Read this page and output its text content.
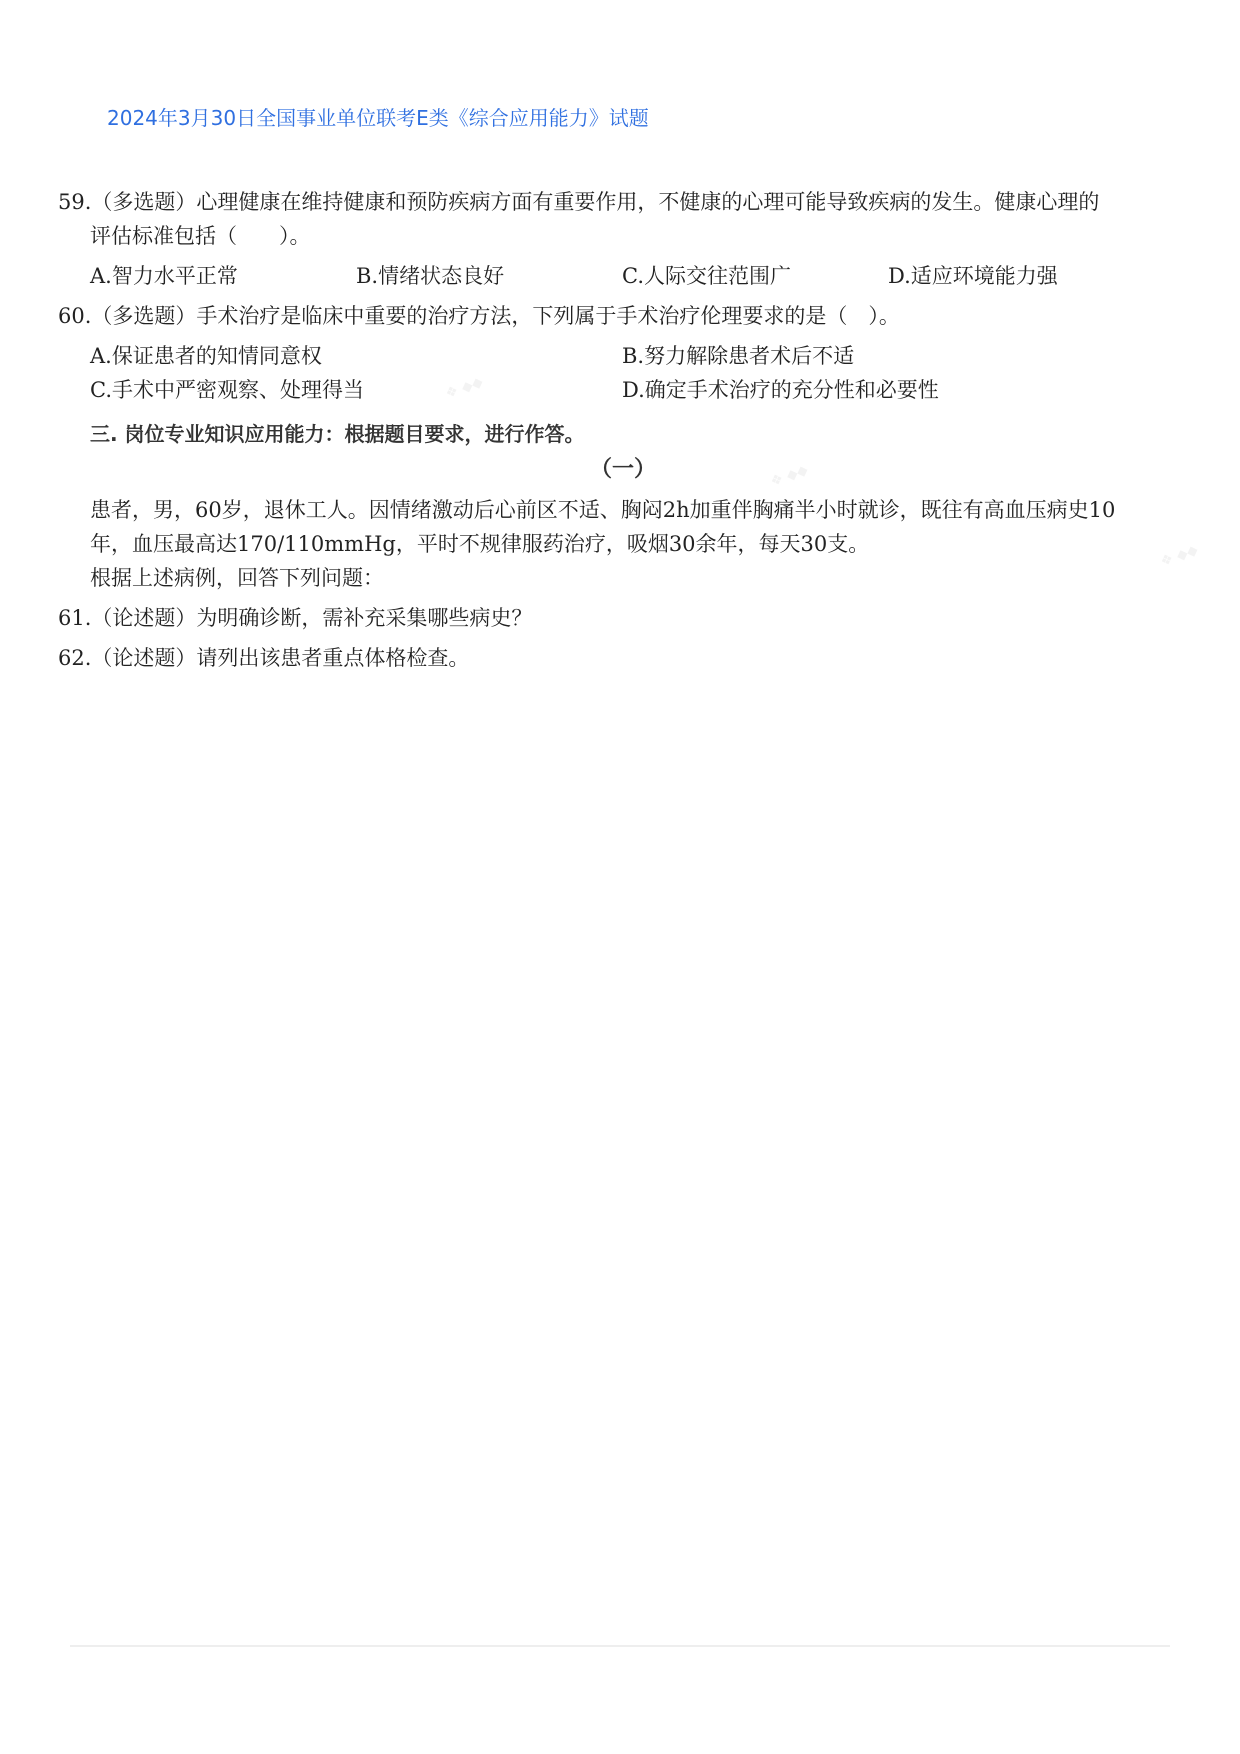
2024年3月30日全国事业单位联考E类《综合应用能力》试题
59.（多选题）心理健康在维持健康和预防疾病方面有重要作用，不健康的心理可能导致疾病的发生。健康心理的
评估标准包括（　　）。
A.智力水平正常	B.情绪状态良好	C.人际交往范围广	D.适应环境能力强
60.（多选题）手术治疗是临床中重要的治疗方法，下列属于手术治疗伦理要求的是（　）。
A.保证患者的知情同意权	B.努力解除患者术后不适
C.手术中严密观察、处理得当	D.确定手术治疗的充分性和必要性
三. 岗位专业知识应用能力：根据题目要求，进行作答。
（一）
患者，男，60岁，退休工人。因情绪激动后心前区不适、胸闷2h加重伴胸痛半小时就诊，既往有高血压病史10
年，血压最高达170/110mmHg，平时不规律服药治疗，吸烟30余年，每天30支。
根据上述病例，回答下列问题：
61.（论述题）为明确诊断，需补充采集哪些病史？
62.（论述题）请列出该患者重点体格检查。
❖ ◆◆
❖ ◆◆
❖ ◆◆
